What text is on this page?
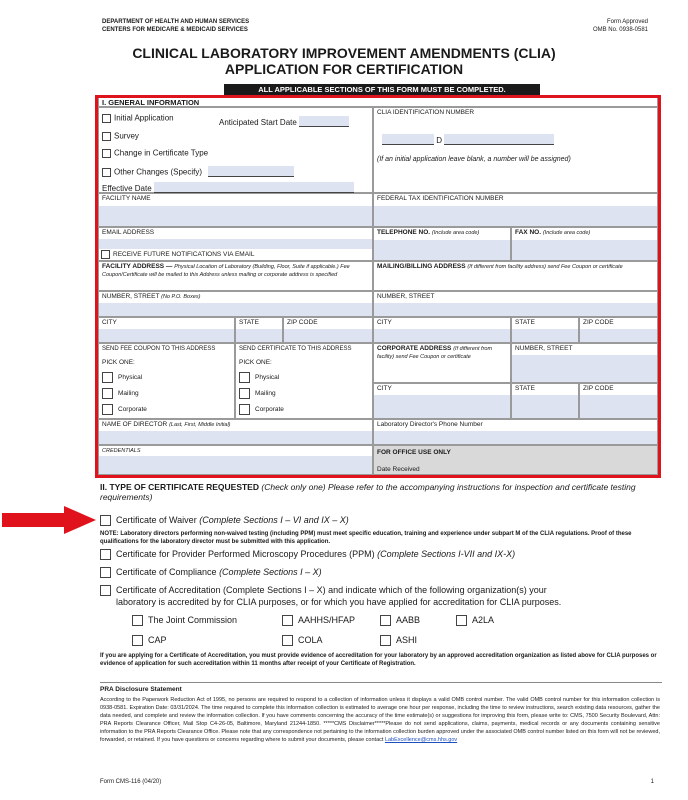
DEPARTMENT OF HEALTH AND HUMAN SERVICES
CENTERS FOR MEDICARE & MEDICAID SERVICES
Form Approved
OMB No. 0938-0581
CLINICAL LABORATORY IMPROVEMENT AMENDMENTS (CLIA)
APPLICATION FOR CERTIFICATION
ALL APPLICABLE SECTIONS OF THIS FORM MUST BE COMPLETED.
I. GENERAL INFORMATION
Initial Application	Anticipated Start Date
Survey
Change in Certificate Type
Other Changes (Specify)
Effective Date
CLIA IDENTIFICATION NUMBER
D
(If an initial application leave blank, a number will be assigned)
FACILITY NAME	FEDERAL TAX IDENTIFICATION NUMBER
EMAIL ADDRESS
RECEIVE FUTURE NOTIFICATIONS VIA EMAIL
TELEPHONE NO. (Include area code)	FAX NO. (Include area code)
FACILITY ADDRESS — Physical Location of Laboratory (Building, Floor, Suite if applicable.) Fee Coupon/Certificate will be mailed to this Address unless mailing or corporate address is specified
MAILING/BILLING ADDRESS (If different from facility address) send Fee Coupon or certificate
NUMBER, STREET (No P.O. Boxes)	NUMBER, STREET
CITY	STATE	ZIP CODE	CITY	STATE	ZIP CODE
SEND FEE COUPON TO THIS ADDRESS
PICK ONE:
Physical
Mailing
Corporate
SEND CERTIFICATE TO THIS ADDRESS
PICK ONE:
Physical
Mailing
Corporate
CORPORATE ADDRESS (If different from facility) send Fee Coupon or certificate
NUMBER, STREET
CITY	STATE	ZIP CODE
NAME OF DIRECTOR (Last, First, Middle Initial)	Laboratory Director's Phone Number
CREDENTIALS	FOR OFFICE USE ONLY
Date Received
II. TYPE OF CERTIFICATE REQUESTED (Check only one) Please refer to the accompanying instructions for inspection and certificate testing requirements)
Certificate of Waiver (Complete Sections I – VI and IX – X)
NOTE: Laboratory directors performing non-waived testing (including PPM) must meet specific education, training and experience under subpart M of the CLIA regulations. Proof of these qualifications for the laboratory director must be submitted with this application.
Certificate for Provider Performed Microscopy Procedures (PPM) (Complete Sections I-VII and IX-X)
Certificate of Compliance (Complete Sections I – X)
Certificate of Accreditation (Complete Sections I – X) and indicate which of the following organization(s) your
laboratory is accredited by for CLIA purposes, or for which you have applied for accreditation for CLIA purposes.
The Joint Commission	AAHHS/HFAP	AABB	A2LA
CAP	COLA	ASHI
If you are applying for a Certificate of Accreditation, you must provide evidence of accreditation for your laboratory by an approved accreditation organization as listed above for CLIA purposes or evidence of application for such accreditation within 11 months after receipt of your Certificate of Registration.
PRA Disclosure Statement
According to the Paperwork Reduction Act of 1995, no persons are required to respond to a collection of information unless it displays a valid OMB control number. The valid OMB control number for this information collection is 0938-0581. Expiration Date: 03/31/2024. The time required to complete this information collection is estimated to average one hour per response, including the time to review instructions, search existing data resources, gather the data needed, and complete and review the information collection. If you have comments concerning the accuracy of the time estimate(s) or suggestions for improving this form, please write to: CMS, 7500 Security Boulevard, Attn: PRA Reports Clearance Officer, Mail Stop C4-26-05, Baltimore, Maryland 21244-1850. *****CMS Disclaimer*****Please do not send applications, claims, payments, medical records or any documents containing sensitive information to the PRA Reports Clearance Office. Please note that any correspondence not pertaining to the information collection burden approved under the associated OMB control number listed on this form will not be reviewed, forwarded, or retained. If you have questions or concerns regarding where to submit your documents, please contact LabExcellence@cms.hhs.gov
Form CMS-116 (04/20)	1
